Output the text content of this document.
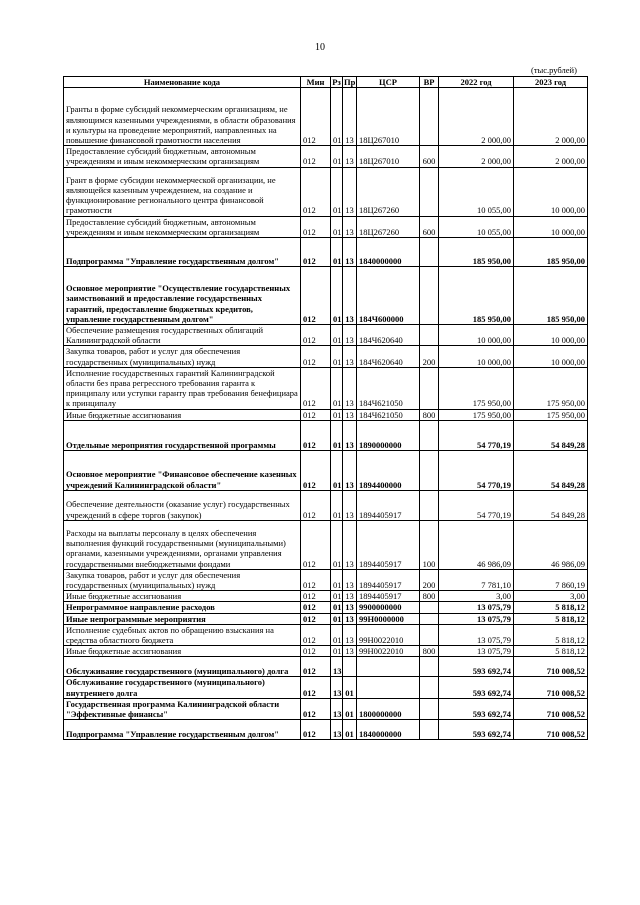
10
(тыс.рублей)
Наименование кода	Мин	Рз	Пр	ЦСР	ВР	2022 год	2023 год
Гранты в форме субсидий некоммерческим организациям, не являющимся казенными учреждениями, в области образования и культуры на проведение мероприятий, направленных на повышение финансовой грамотности населения	012	01	13	18Ц267010		2 000,00	2 000,00
Предоставление субсидий бюджетным, автономным учреждениям и иным некоммерческим организациям	012	01	13	18Ц267010	600	2 000,00	2 000,00
Грант в форме субсидии некоммерческой организации, не являющейся казенным учреждением, на создание и функционирование регионального центра финансовой грамотности	012	01	13	18Ц267260		10 055,00	10 000,00
Предоставление субсидий бюджетным, автономным учреждениям и иным некоммерческим организациям	012	01	13	18Ц267260	600	10 055,00	10 000,00
Подпрограмма "Управление государственным долгом"	012	01	13	1840000000		185 950,00	185 950,00
Основное мероприятие "Осуществление государственных заимствований и предоставление государственных гарантий, предоставление бюджетных кредитов, управление государственным долгом"	012	01	13	184Ч600000		185 950,00	185 950,00
Обеспечение размещения государственных облигаций Калининградской области	012	01	13	184Ч620640		10 000,00	10 000,00
Закупка товаров, работ и услуг для обеспечения государственных (муниципальных) нужд	012	01	13	184Ч620640	200	10 000,00	10 000,00
Исполнение государственных гарантий Калининградской области без права регрессного требования гаранта к принципалу или уступки гаранту прав требования бенефициара к принципалу	012	01	13	184Ч621050		175 950,00	175 950,00
Иные бюджетные ассигнования	012	01	13	184Ч621050	800	175 950,00	175 950,00
Отдельные мероприятия государственной программы	012	01	13	1890000000		54 770,19	54 849,28
Основное мероприятие "Финансовое обеспечение казенных учреждений Калининградской области"	012	01	13	1894400000		54 770,19	54 849,28
Обеспечение деятельности (оказание услуг) государственных учреждений в сфере торгов (закупок)	012	01	13	1894405917		54 770,19	54 849,28
Расходы на выплаты персоналу в целях обеспечения выполнения функций государственными (муниципальными) органами, казенными учреждениями, органами управления государственными внебюджетными фондами	012	01	13	1894405917	100	46 986,09	46 986,09
Закупка товаров, работ и услуг для обеспечения государственных (муниципальных) нужд	012	01	13	1894405917	200	7 781,10	7 860,19
Иные бюджетные ассигнования	012	01	13	1894405917	800	3,00	3,00
Непрограммное направление расходов	012	01	13	9900000000		13 075,79	5 818,12
Иные непрограммные мероприятия	012	01	13	99Н0000000		13 075,79	5 818,12
Исполнение судебных актов по обращению взыскания на средства областного бюджета	012	01	13	99Н0022010		13 075,79	5 818,12
Иные бюджетные ассигнования	012	01	13	99Н0022010	800	13 075,79	5 818,12
Обслуживание государственного (муниципального) долга	012	13				593 692,74	710 008,52
Обслуживание государственного (муниципального) внутреннего долга	012	13	01			593 692,74	710 008,52
Государственная программа Калининградской области "Эффективные финансы"	012	13	01	1800000000		593 692,74	710 008,52
Подпрограмма "Управление государственным долгом"	012	13	01	1840000000		593 692,74	710 008,52
